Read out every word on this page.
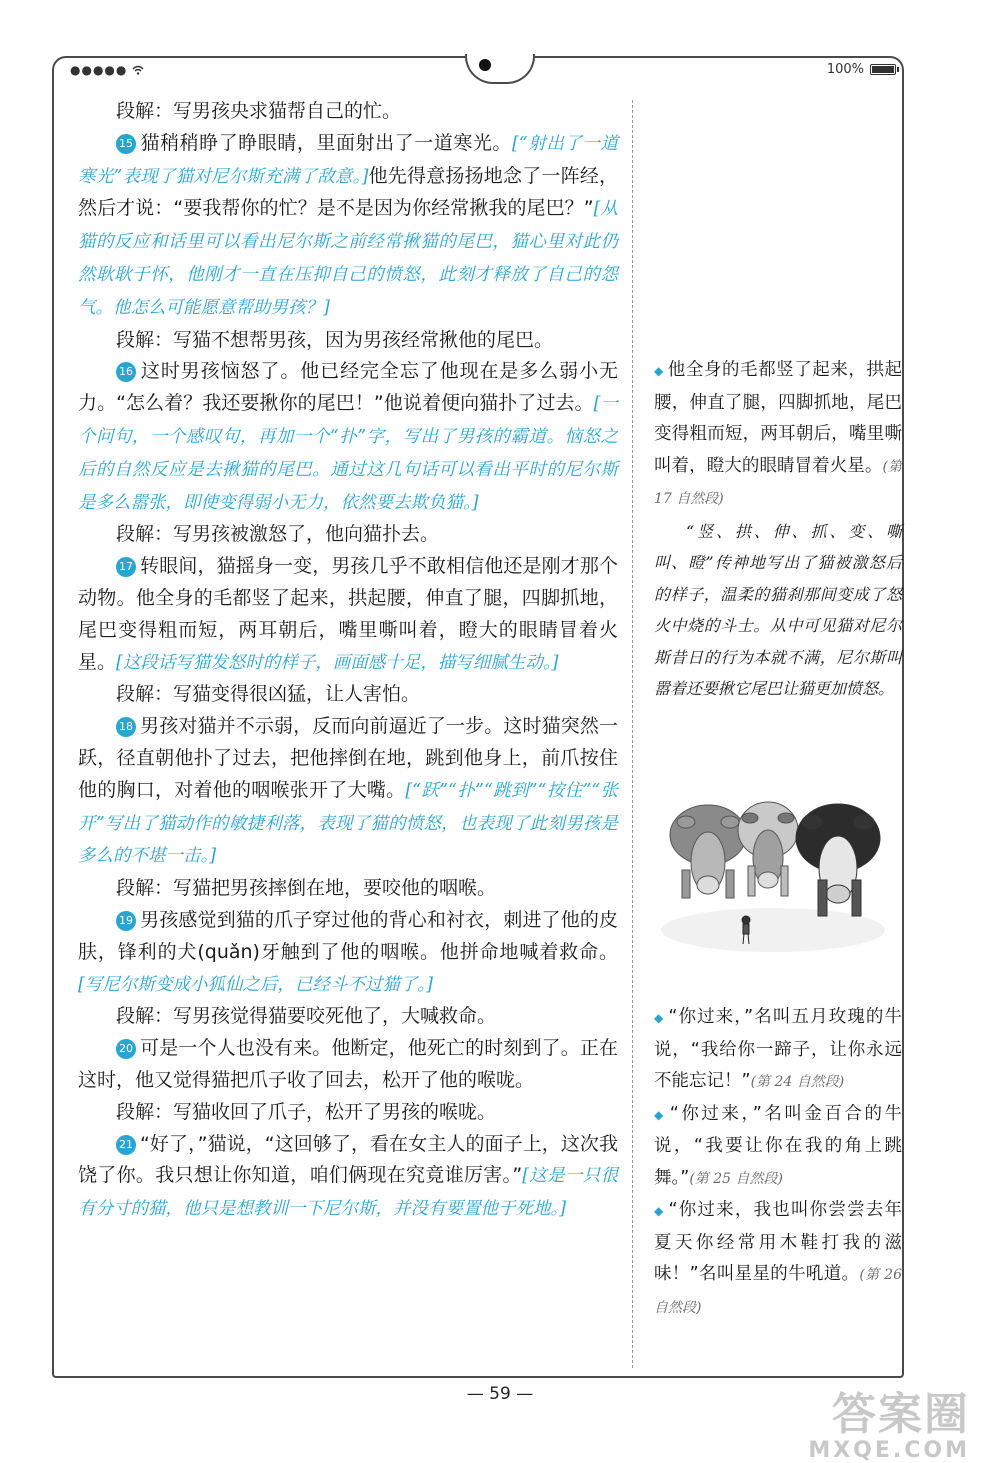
●●●●●	100%

段解：写男孩央求猫帮自己的忙。

15 猫稍稍睁了睁眼睛，里面射出了一道寒光。[“射出了一道寒光”表现了猫对尼尔斯充满了敌意。]他先得意扬扬地念了一阵经，然后才说：“要我帮你的忙？是不是因为你经常揪我的尾巴？”[从猫的反应和话里可以看出尼尔斯之前经常揪猫的尾巴，猫心里对此仍然耿耿于怀，他刚才一直在压抑自己的愤怒，此刻才释放了自己的怨气。他怎么可能愿意帮助男孩？]

段解：写猫不想帮男孩，因为男孩经常揪他的尾巴。

16 这时男孩恼怒了。他已经完全忘了他现在是多么弱小无力。“怎么着？我还要揪你的尾巴！”他说着便向猫扑了过去。[一个问句，一个感叹句，再加一个“扑”字，写出了男孩的霸道。恼怒之后的自然反应是去揪猫的尾巴。通过这几句话可以看出平时的尼尔斯是多么嚣张，即使变得弱小无力，依然要去欺负猫。]

段解：写男孩被激怒了，他向猫扑去。

17 转眼间，猫摇身一变，男孩几乎不敢相信他还是刚才那个动物。他全身的毛都竖了起来，拱起腰，伸直了腿，四脚抓地，尾巴变得粗而短，两耳朝后，嘴里嘶叫着，瞪大的眼睛冒着火星。[这段话写猫发怒时的样子，画面感十足，描写细腻生动。]

段解：写猫变得很凶猛，让人害怕。

18 男孩对猫并不示弱，反而向前逼近了一步。这时猫突然一跃，径直朝他扑了过去，把他摔倒在地，跳到他身上，前爪按住他的胸口，对着他的咽喉张开了大嘴。[“跃”“扑”“跳到”“按住”“张开”写出了猫动作的敏捷利落，表现了猫的愤怒，也表现了此刻男孩是多么的不堪一击。]

段解：写猫把男孩摔倒在地，要咬他的咽喉。

19 男孩感觉到猫的爪子穿过他的背心和衬衣，刺进了他的皮肤，锋利的犬(quǎn)牙触到了他的咽喉。他拼命地喊着救命。[写尼尔斯变成小狐仙之后，已经斗不过猫了。]

段解：写男孩觉得猫要咬死他了，大喊救命。

20 可是一个人也没有来。他断定，他死亡的时刻到了。正在这时，他又觉得猫把爪子收了回去，松开了他的喉咙。

段解：写猫收回了爪子，松开了男孩的喉咙。

21 “好了，”猫说，“这回够了，看在女主人的面子上，这次我饶了你。我只想让你知道，咱们俩现在究竟谁厉害。”[这是一只很有分寸的猫，他只是想教训一下尼尔斯，并没有要置他于死地。]

◆ 他全身的毛都竖了起来，拱起腰，伸直了腿，四脚抓地，尾巴变得粗而短，两耳朝后，嘴里嘶叫着，瞪大的眼睛冒着火星。(第 17 自然段)

“竖、拱、伸、抓、变、嘶叫、瞪”传神地写出了猫被激怒后的样子，温柔的猫刹那间变成了怒火中烧的斗士。从中可见猫对尼尔斯昔日的行为本就不满，尼尔斯叫嚣着还要揪它尾巴让猫更加愤怒。

◆ “你过来，”名叫五月玫瑰的牛说，“我给你一蹄子，让你永远不能忘记！”(第 24 自然段)

◆ “你过来，”名叫金百合的牛说，“我要让你在我的角上跳舞。”(第 25 自然段)

◆ “你过来，我也叫你尝尝去年夏天你经常用木鞋打我的滋味！”名叫星星的牛吼道。(第 26 自然段)

— 59 —	答案圈
MXQE.COM
